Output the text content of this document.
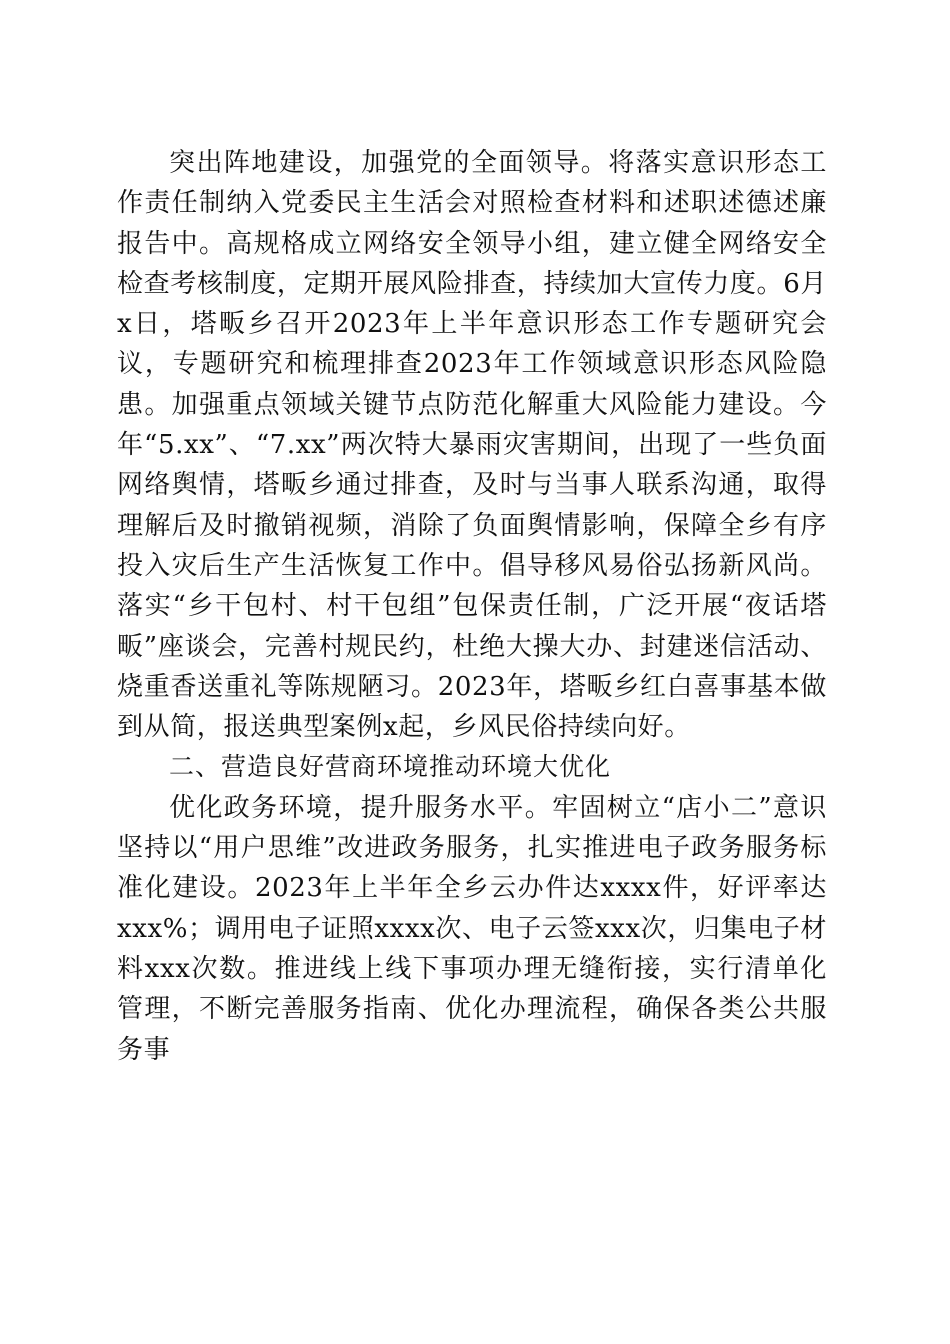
突出阵地建设，加强党的全面领导。将落实意识形态工作责任制纳入党委民主生活会对照检查材料和述职述德述廉报告中。高规格成立网络安全领导小组，建立健全网络安全检查考核制度，定期开展风险排查，持续加大宣传力度。6月x日，塔畈乡召开2023年上半年意识形态工作专题研究会议，专题研究和梳理排查2023年工作领域意识形态风险隐患。加强重点领域关键节点防范化解重大风险能力建设。今年“5.xx”、“7.xx”两次特大暴雨灾害期间，出现了一些负面网络舆情，塔畈乡通过排查，及时与当事人联系沟通，取得理解后及时撤销视频，消除了负面舆情影响，保障全乡有序投入灾后生产生活恢复工作中。倡导移风易俗弘扬新风尚。落实“乡干包村、村干包组”包保责任制，广泛开展“夜话塔畈”座谈会，完善村规民约，杜绝大操大办、封建迷信活动、烧重香送重礼等陈规陋习。2023年，塔畈乡红白喜事基本做到从简，报送典型案例x起，乡风民俗持续向好。

二、营造良好营商环境推动环境大优化

优化政务环境，提升服务水平。牢固树立“店小二”意识坚持以“用户思维”改进政务服务，扎实推进电子政务服务标准化建设。2023年上半年全乡云办件达xxxx件，好评率达xxx%；调用电子证照xxxx次、电子云签xxx次，归集电子材料xxx次数。推进线上线下事项办理无缝衔接，实行清单化管理，不断完善服务指南、优化办理流程，确保各类公共服务事
